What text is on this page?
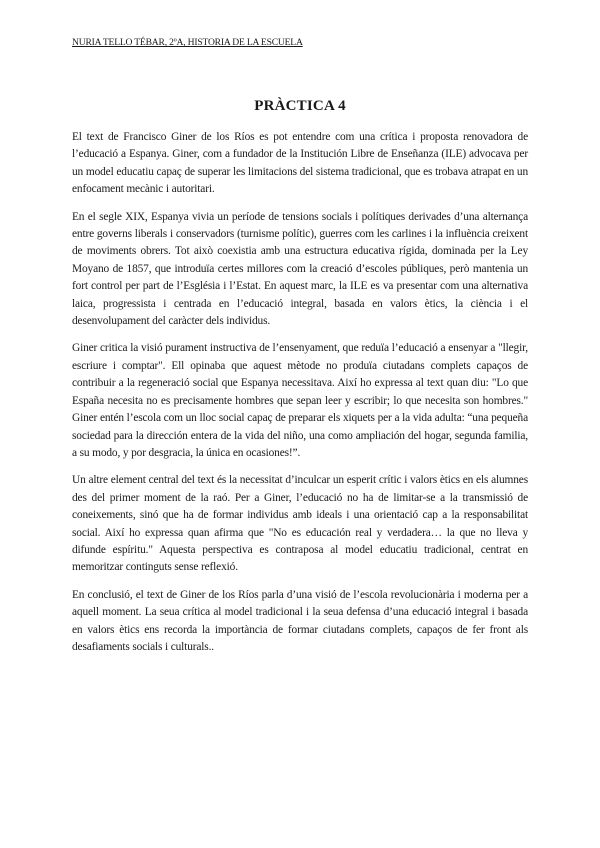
NURIA TELLO TÉBAR, 2ºA, HISTORIA DE LA ESCUELA
PRÀCTICA 4

El text de Francisco Giner de los Ríos es pot entendre com una crítica i proposta renovadora de l’educació a Espanya. Giner, com a fundador de la Institución Libre de Enseñanza (ILE) advocava per un model educatiu capaç de superar les limitacions del sistema tradicional, que es trobava atrapat en un enfocament mecànic i autoritari.

En el segle XIX, Espanya vivia un període de tensions socials i polítiques derivades d’una alternança entre governs liberals i conservadors (turnisme polític), guerres com les carlines i la influència creixent de moviments obrers. Tot això coexistia amb una estructura educativa rígida, dominada per la Ley Moyano de 1857, que introduïa certes millores com la creació d’escoles públiques, però mantenia un fort control per part de l’Església i l’Estat. En aquest marc, la ILE es va presentar com una alternativa laica, progressista i centrada en l’educació integral, basada en valors ètics, la ciència i el desenvolupament del caràcter dels individus.

Giner critica la visió purament instructiva de l’ensenyament, que reduïa l’educació a ensenyar a "llegir, escriure i comptar". Ell opinaba que aquest mètode no produïa ciutadans complets capaços de contribuir a la regeneració social que Espanya necessitava. Així ho expressa al text quan diu: "Lo que España necesita no es precisamente hombres que sepan leer y escribir; lo que necesita son hombres." Giner entén l’escola com un lloc social capaç de preparar els xiquets per a la vida adulta: “una pequeña sociedad para la dirección entera de la vida del niño, una como ampliación del hogar, segunda familia, a su modo, y por desgracia, la única en ocasiones!”.

Un altre element central del text és la necessitat d’inculcar un esperit crític i valors ètics en els alumnes des del primer moment de la raó. Per a Giner, l’educació no ha de limitar-se a la transmissió de coneixements, sinó que ha de formar individus amb ideals i una orientació cap a la responsabilitat social. Així ho expressa quan afirma que "No es educación real y verdadera… la que no lleva y difunde espíritu." Aquesta perspectiva es contraposa al model educatiu tradicional, centrat en memoritzar continguts sense reflexió.

En conclusió, el text de Giner de los Ríos parla d’una visió de l’escola revolucionària i moderna per a aquell moment. La seua crítica al model tradicional i la seua defensa d’una educació integral i basada en valors ètics ens recorda la importància de formar ciutadans complets, capaços de fer front als desafiaments socials i culturals..
